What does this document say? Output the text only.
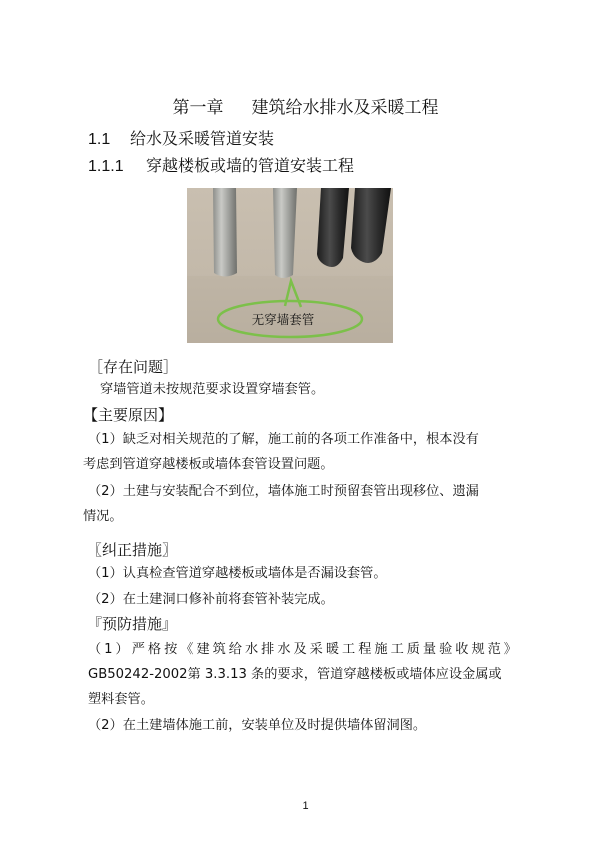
第一章 建筑给水排水及采暖工程
1.1 给水及采暖管道安装
1.1.1 穿越楼板或墙的管道安装工程
无穿墙套管
［存在问题］
穿墙管道未按规范要求设置穿墙套管。
【主要原因】
（1）缺乏对相关规范的了解，施工前的各项工作准备中，根本没有
考虑到管道穿越楼板或墙体套管设置问题。
（2）土建与安装配合不到位，墙体施工时预留套管出现移位、遗漏
情况。
〖纠正措施〗
（1）认真检查管道穿越楼板或墙体是否漏设套管。
（2）在土建洞口修补前将套管补装完成。
『预防措施』
（1）严格按《建筑给水排水及采暖工程施工质量验收规范》
GB50242-2002第 3.3.13 条的要求，管道穿越楼板或墙体应设金属或
塑料套管。
（2）在土建墙体施工前，安装单位及时提供墙体留洞图。
1
